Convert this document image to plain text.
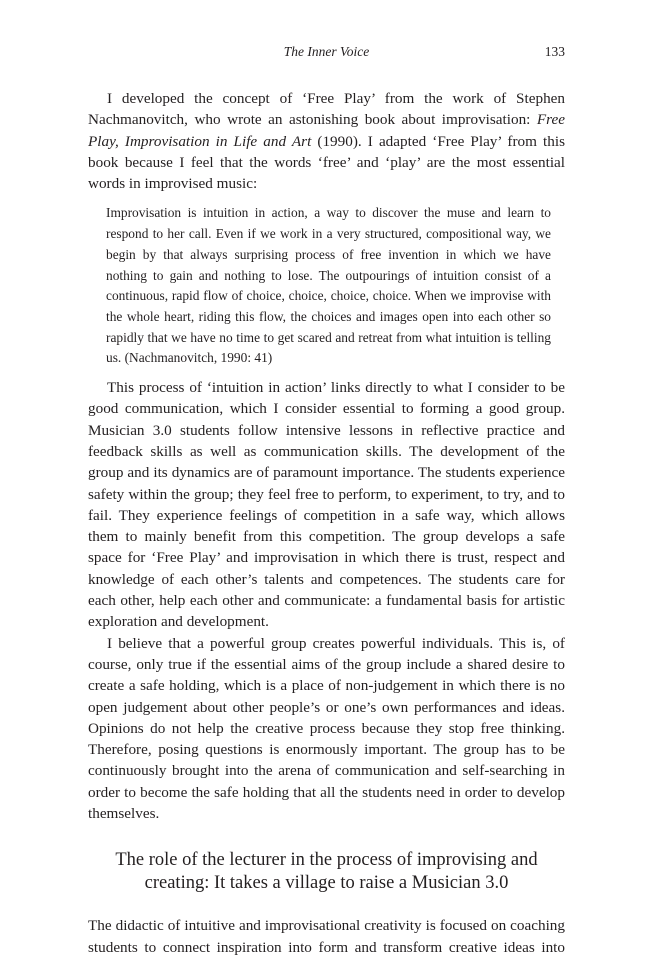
The Inner Voice	133

I developed the concept of ‘Free Play’ from the work of Stephen Nachmanovitch, who wrote an astonishing book about improvisation: Free Play, Improvisation in Life and Art (1990). I adapted ‘Free Play’ from this book because I feel that the words ‘free’ and ‘play’ are the most essential words in improvised music:

Improvisation is intuition in action, a way to discover the muse and learn to respond to her call. Even if we work in a very structured, compositional way, we begin by that always surprising process of free invention in which we have nothing to gain and nothing to lose. The outpourings of intuition consist of a continuous, rapid flow of choice, choice, choice, choice. When we improvise with the whole heart, riding this flow, the choices and images open into each other so rapidly that we have no time to get scared and retreat from what intuition is telling us. (Nachmanovitch, 1990: 41)

This process of ‘intuition in action’ links directly to what I consider to be good communication, which I consider essential to forming a good group. Musician 3.0 students follow intensive lessons in reflective practice and feedback skills as well as communication skills. The development of the group and its dynamics are of paramount importance. The students experience safety within the group; they feel free to perform, to experiment, to try, and to fail. They experience feelings of competition in a safe way, which allows them to mainly benefit from this competition. The group develops a safe space for ‘Free Play’ and improvisation in which there is trust, respect and knowledge of each other’s talents and competences. The students care for each other, help each other and communicate: a fundamental basis for artistic exploration and development.

I believe that a powerful group creates powerful individuals. This is, of course, only true if the essential aims of the group include a shared desire to create a safe holding, which is a place of non-judgement in which there is no open judgement about other people’s or one’s own performances and ideas. Opinions do not help the creative process because they stop free thinking. Therefore, posing questions is enormously important. The group has to be continuously brought into the arena of communication and self-searching in order to become the safe holding that all the students need in order to develop themselves.

The role of the lecturer in the process of improvising and
creating: It takes a village to raise a Musician 3.0

The didactic of intuitive and improvisational creativity is focused on coaching students to connect inspiration into form and transform creative ideas into
